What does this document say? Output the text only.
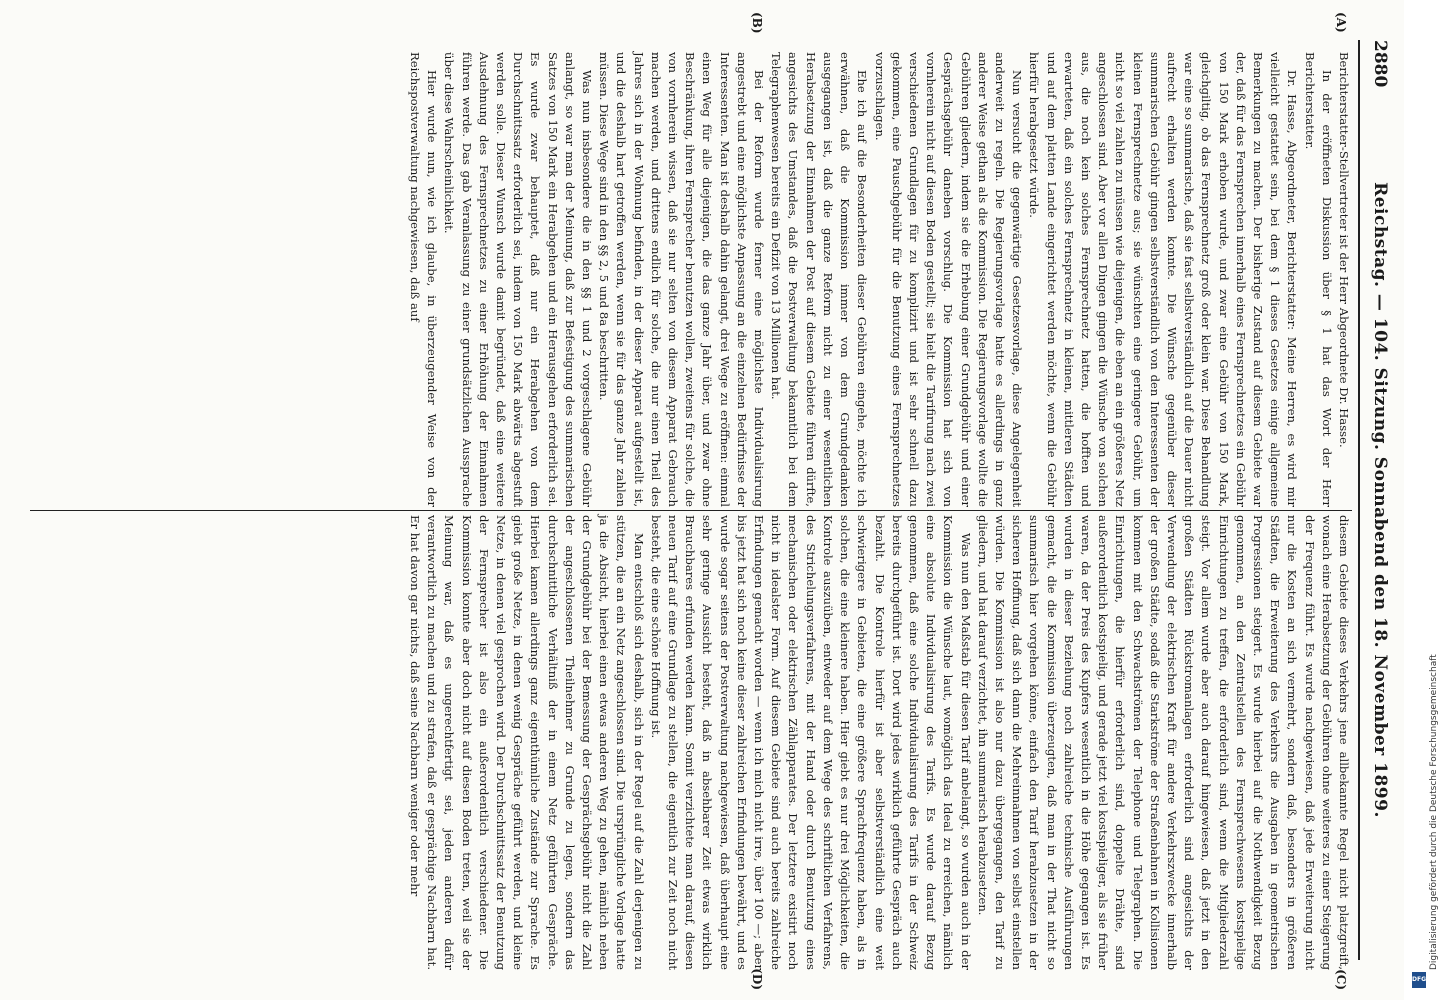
2880
Reichstag. — 104. Sitzung. Sonnabend den 18. November 1899.
(A)
(B)
(C)
(D)

Berichterstatter-Stellvertreter ist der Herr Abgeordnete Dr. Hasse.

In der eröffneten Diskussion über § 1 hat das Wort der Herr Berichterstatter.

Dr. Hasse, Abgeordneter, Berichterstatter: Meine Herren, es wird mir vielleicht gestattet sein, bei dem § 1 dieses Gesetzes einige allgemeine Bemerkungen zu machen. Der bisherige Zustand auf diesem Gebiete war der, daß für das Fernsprechen innerhalb eines Fernsprechnetzes ein Gebühr von 150 Mark erhoben wurde, und zwar eine Gebühr von 150 Mark, gleichgiltig, ob das Fernsprechnetz groß oder klein war. Diese Behandlung war eine so summarische, daß sie fast selbstverständlich auf die Dauer nicht aufrecht erhalten werden konnte. Die Wünsche gegenüber dieser summarischen Gebühr gingen selbstverständlich von den Interessenten der kleinen Fernsprechnetze aus; sie wünschten eine geringere Gebühr, um nicht so viel zahlen zu müssen wie diejenigen, die eben an ein größeres Netz angeschlossen sind. Aber vor allen Dingen gingen die Wünsche von solchen aus, die noch kein solches Fernsprechnetz hatten, die hofften und erwarteten, daß ein solches Fernsprechnetz in kleinen, mittleren Städten und auf dem platten Lande eingerichtet werden möchte, wenn die Gebühr hierfür herabgesetzt würde.

Nun versucht die gegenwärtige Gesetzesvorlage, diese Angelegenheit anderweit zu regeln. Die Regierungsvorlage hatte es allerdings in ganz anderer Weise gethan als die Kommission. Die Regierungsvorlage wollte die Gebühren gliedern, indem sie die Erhebung einer Grundgebühr und einer Gesprächsgebühr daneben vorschlug. Die Kommission hat sich von vornherein nicht auf diesen Boden gestellt; sie hielt die Tarifirung nach zwei verschiedenen Grundlagen für zu komplizirt und ist sehr schnell dazu gekommen, eine Pauschgebühr für die Benutzung eines Fernsprechnetzes vorzuschlagen.

Ehe ich auf die Besonderheiten dieser Gebühren eingehe, möchte ich erwähnen, daß die Kommission immer von dem Grundgedanken ausgegangen ist, daß die ganze Reform nicht zu einer wesentlichen Herabsetzung der Einnahmen der Post auf diesem Gebiete führen dürfte, angesichts des Umstandes, daß die Postverwaltung bekanntlich bei dem Telegraphenwesen bereits ein Defizit von 13 Millionen hat.

Bei der Reform wurde ferner eine möglichste Individualisirung angestrebt und eine möglichste Anpassung an die einzelnen Bedürfnisse der Interessenten. Man ist deshalb dahin gelangt, drei Wege zu eröffnen: einmal einen Weg für alle diejenigen, die das ganze Jahr über, und zwar ohne Beschränkung, ihren Fernsprecher benutzen wollen, zweitens für solche, die von vornherein wissen, daß sie nur selten von diesem Apparat Gebrauch machen werden, und drittens endlich für solche, die nur einen Theil des Jahres sich in der Wohnung befinden, in der dieser Apparat aufgestellt ist, und die deshalb hart getroffen werden, wenn sie für das ganze Jahr zahlen müssen. Diese Wege sind in den §§ 2, 5 und 8a beschritten.

Was nun insbesondere die in den §§ 1 und 2 vorgeschlagene Gebühr anlangt, so war man der Meinung, daß zur Befestigung des summarischen Satzes von 150 Mark ein Herabgehen und ein Herausgehen erforderlich sei. Es wurde zwar behauptet, daß nur ein Herabgehen von dem Durchschnittssatz erforderlich sei, indem von 150 Mark abwärts abgestuft werden solle. Dieser Wunsch wurde damit begründet, daß eine weitere Ausdehnung des Fernsprechnetzes zu einer Erhöhung der Einnahmen führen werde. Das gab Veranlassung zu einer grundsätzlichen Aussprache über diese Wahrscheinlichkeit.

Hier wurde nun, wie ich glaube, in überzeugender Weise von der Reichspostverwaltung nachgewiesen, daß auf

diesem Gebiete dieses Verkehrs jene allbekannte Regel nicht platzgreift, wonach eine Herabsetzung der Gebühren ohne weiteres zu einer Steigerung der Frequenz führt. Es wurde nachgewiesen, daß jede Erweiterung nicht nur die Kosten an sich vermehrt, sondern daß, besonders in größeren Städten, die Erweiterung des Verkehrs die Ausgaben in geometrischen Progressionen steigert. Es wurde hierbei auf die Nothwendigkeit Bezug genommen, an den Zentralstellen des Fernsprechwesens kostspielige Einrichtungen zu treffen, die erforderlich sind, wenn die Mitgliederzahl steigt. Vor allem wurde aber auch darauf hingewiesen, daß jetzt in den großen Städten Rückstromanlagen erforderlich sind angesichts der Verwendung der elektrischen Kraft für andere Verkehrszwecke innerhalb der großen Städte, sodaß die Starkströme der Straßenbahnen in Kollisionen kommen mit den Schwachströmen der Telephone und Telegraphen. Die Einrichtungen, die hierfür erforderlich sind, doppelte Drähte, sind außerordentlich kostspielig, und gerade jetzt viel kostspieliger, als sie früher waren, da der Preis des Kupfers wesentlich in die Höhe gegangen ist. Es wurden in dieser Beziehung noch zahlreiche technische Ausführungen gemacht, die die Kommission überzeugten, daß man in der That nicht so summarisch hier vorgehen könne, einfach den Tarif herabzusetzen in der sicheren Hoffnung, daß sich dann die Mehreinnahmen von selbst einstellen würden. Die Kommission ist also nur dazu übergegangen, den Tarif zu gliedern, und hat darauf verzichtet, ihn summarisch herabzusetzen.

Was nun den Maßstab für diesen Tarif anbelangt, so wurden auch in der Kommission die Wünsche laut, womöglich das Ideal zu erreichen, nämlich eine absolute Individualisirung des Tarifs. Es wurde darauf Bezug genommen, daß eine solche Individualisirung des Tarifs in der Schweiz bereits durchgeführt ist. Dort wird jedes wirklich geführte Gespräch auch bezahlt. Die Kontrole hierfür ist aber selbstverständlich eine weit schwierigere in Gebieten, die eine größere Sprachfrequenz haben, als in solchen, die eine kleinere haben. Hier giebt es nur drei Möglichkeiten, die Kontrole auszuüben, entweder auf dem Wege des schriftlichen Verfahrens, des Strichelungsverfahrens, mit der Hand oder durch Benutzung eines mechanischen oder elektrischen Zählapparates. Der letztere existirt noch nicht in idealster Form. Auf diesem Gebiete sind auch bereits zahlreiche Erfindungen gemacht worden — wenn ich mich nicht irre, über 100 —; aber bis jetzt hat sich noch keine dieser zahlreichen Erfindungen bewährt, und es wurde sogar seitens der Postverwaltung nachgewiesen, daß überhaupt eine sehr geringe Aussicht besteht, daß in absehbarer Zeit etwas wirklich Brauchbares erfunden werden kann. Somit verzichtete man darauf, diesen neuen Tarif auf eine Grundlage zu stellen, die eigentlich zur Zeit noch nicht besteht, die eine schöne Hoffnung ist.

Man entschloß sich deshalb, sich in der Regel auf die Zahl derjenigen zu stützen, die an ein Netz angeschlossen sind. Die ursprüngliche Vorlage hatte ja die Absicht, hierbei einen etwas anderen Weg zu gehen, nämlich neben der Grundgebühr bei der Bemessung der Gesprächsgebühr nicht die Zahl der angeschlossenen Theilnehmer zu Grunde zu legen, sondern das durchschnittliche Verhältniß der in einem Netz geführten Gespräche. Hierbei kamen allerdings ganz eigenthümliche Zustände zur Sprache. Es giebt große Netze, in denen wenig Gespräche geführt werden, und kleine Netze, in denen viel gesprochen wird. Der Durchschnittssatz der Benutzung der Fernsprecher ist also ein außerordentlich verschiedener. Die Kommission konnte aber doch nicht auf diesen Boden treten, weil sie der Meinung war, daß es ungerechtfertigt sei, jeden anderen dafür verantwortlich zu machen und zu strafen, daß er gesprächige Nachbarn hat. Er hat davon gar nichts, daß seine Nachbarn weniger oder mehr	Digitalisierung gefördert durch die Deutsche Forschungsgemeinschaft
DFG
